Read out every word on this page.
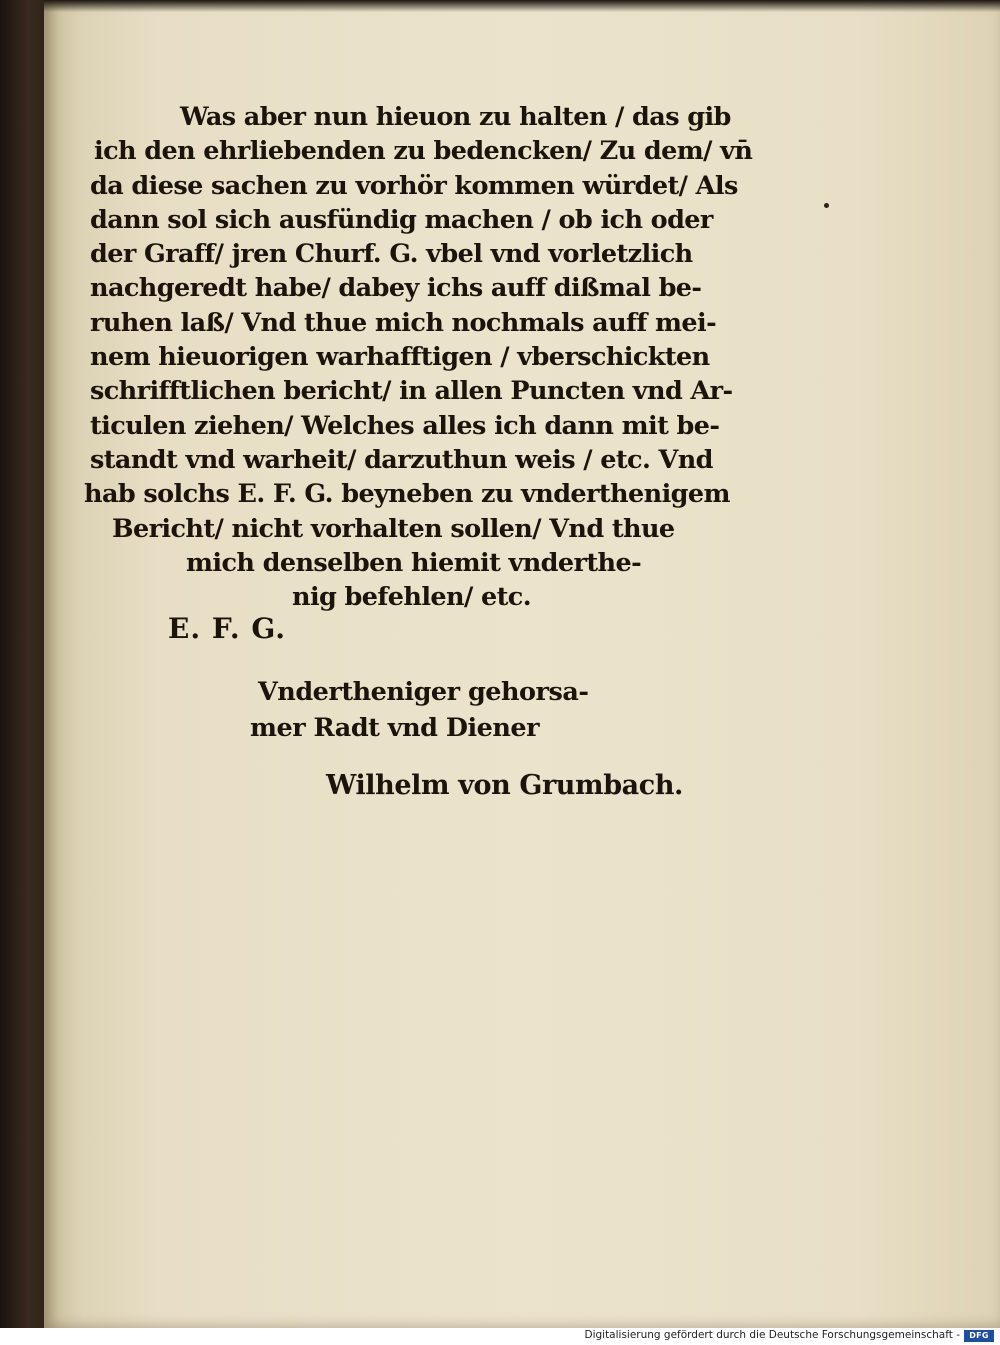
Was aber nun hieuon zu halten / das gib
ich den ehrliebenden zu bedencken/ Zu dem/ vn̄
da diese sachen zu vorhör kommen würdet/ Als
dann sol sich ausfündig machen / ob ich oder
der Graff/ jren Churf. G. vbel vnd vorletzlich
nachgeredt habe/ dabey ichs auff dißmal be-
ruhen laß/ Vnd thue mich nochmals auff mei-
nem hieuorigen warhafftigen / vberschickten
schrifftlichen bericht/ in allen Puncten vnd Ar-
ticulen ziehen/ Welches alles ich dann mit be-
standt vnd warheit/ darzuthun weis / etc. Vnd
hab solchs E. F. G. beyneben zu vnderthenigem
Bericht/ nicht vorhalten sollen/ Vnd thue
mich denselben hiemit vnderthe-
nig befehlen/ etc.
E. F. G.
Vndertheniger gehorsa-
mer Radt vnd Diener
Wilhelm von Grumbach.
Digitalisierung gefördert durch die Deutsche Forschungsgemeinschaft -	DFG
